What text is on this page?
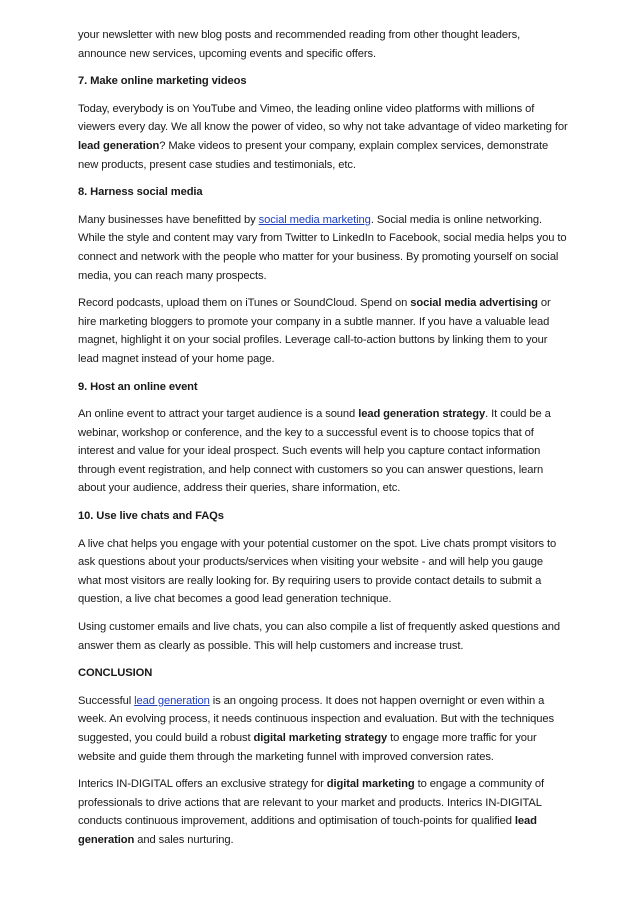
your newsletter with new blog posts and recommended reading from other thought leaders, announce new services, upcoming events and specific offers.

7. Make online marketing videos

Today, everybody is on YouTube and Vimeo, the leading online video platforms with millions of viewers every day. We all know the power of video, so why not take advantage of video marketing for lead generation? Make videos to present your company, explain complex services, demonstrate new products, present case studies and testimonials, etc.

8. Harness social media

Many businesses have benefitted by social media marketing. Social media is online networking. While the style and content may vary from Twitter to LinkedIn to Facebook, social media helps you to connect and network with the people who matter for your business. By promoting yourself on social media, you can reach many prospects.

Record podcasts, upload them on iTunes or SoundCloud. Spend on social media advertising or hire marketing bloggers to promote your company in a subtle manner. If you have a valuable lead magnet, highlight it on your social profiles. Leverage call-to-action buttons by linking them to your lead magnet instead of your home page.

9. Host an online event

An online event to attract your target audience is a sound lead generation strategy. It could be a webinar, workshop or conference, and the key to a successful event is to choose topics that of interest and value for your ideal prospect. Such events will help you capture contact information through event registration, and help connect with customers so you can answer questions, learn about your audience, address their queries, share information, etc.

10. Use live chats and FAQs

A live chat helps you engage with your potential customer on the spot. Live chats prompt visitors to ask questions about your products/services when visiting your website - and will help you gauge what most visitors are really looking for. By requiring users to provide contact details to submit a question, a live chat becomes a good lead generation technique.

Using customer emails and live chats, you can also compile a list of frequently asked questions and answer them as clearly as possible. This will help customers and increase trust.

CONCLUSION

Successful lead generation is an ongoing process. It does not happen overnight or even within a week. An evolving process, it needs continuous inspection and evaluation. But with the techniques suggested, you could build a robust digital marketing strategy to engage more traffic for your website and guide them through the marketing funnel with improved conversion rates.

Interics IN-DIGITAL offers an exclusive strategy for digital marketing to engage a community of professionals to drive actions that are relevant to your market and products. Interics IN-DIGITAL conducts continuous improvement, additions and optimisation of touch-points for qualified lead generation and sales nurturing.
